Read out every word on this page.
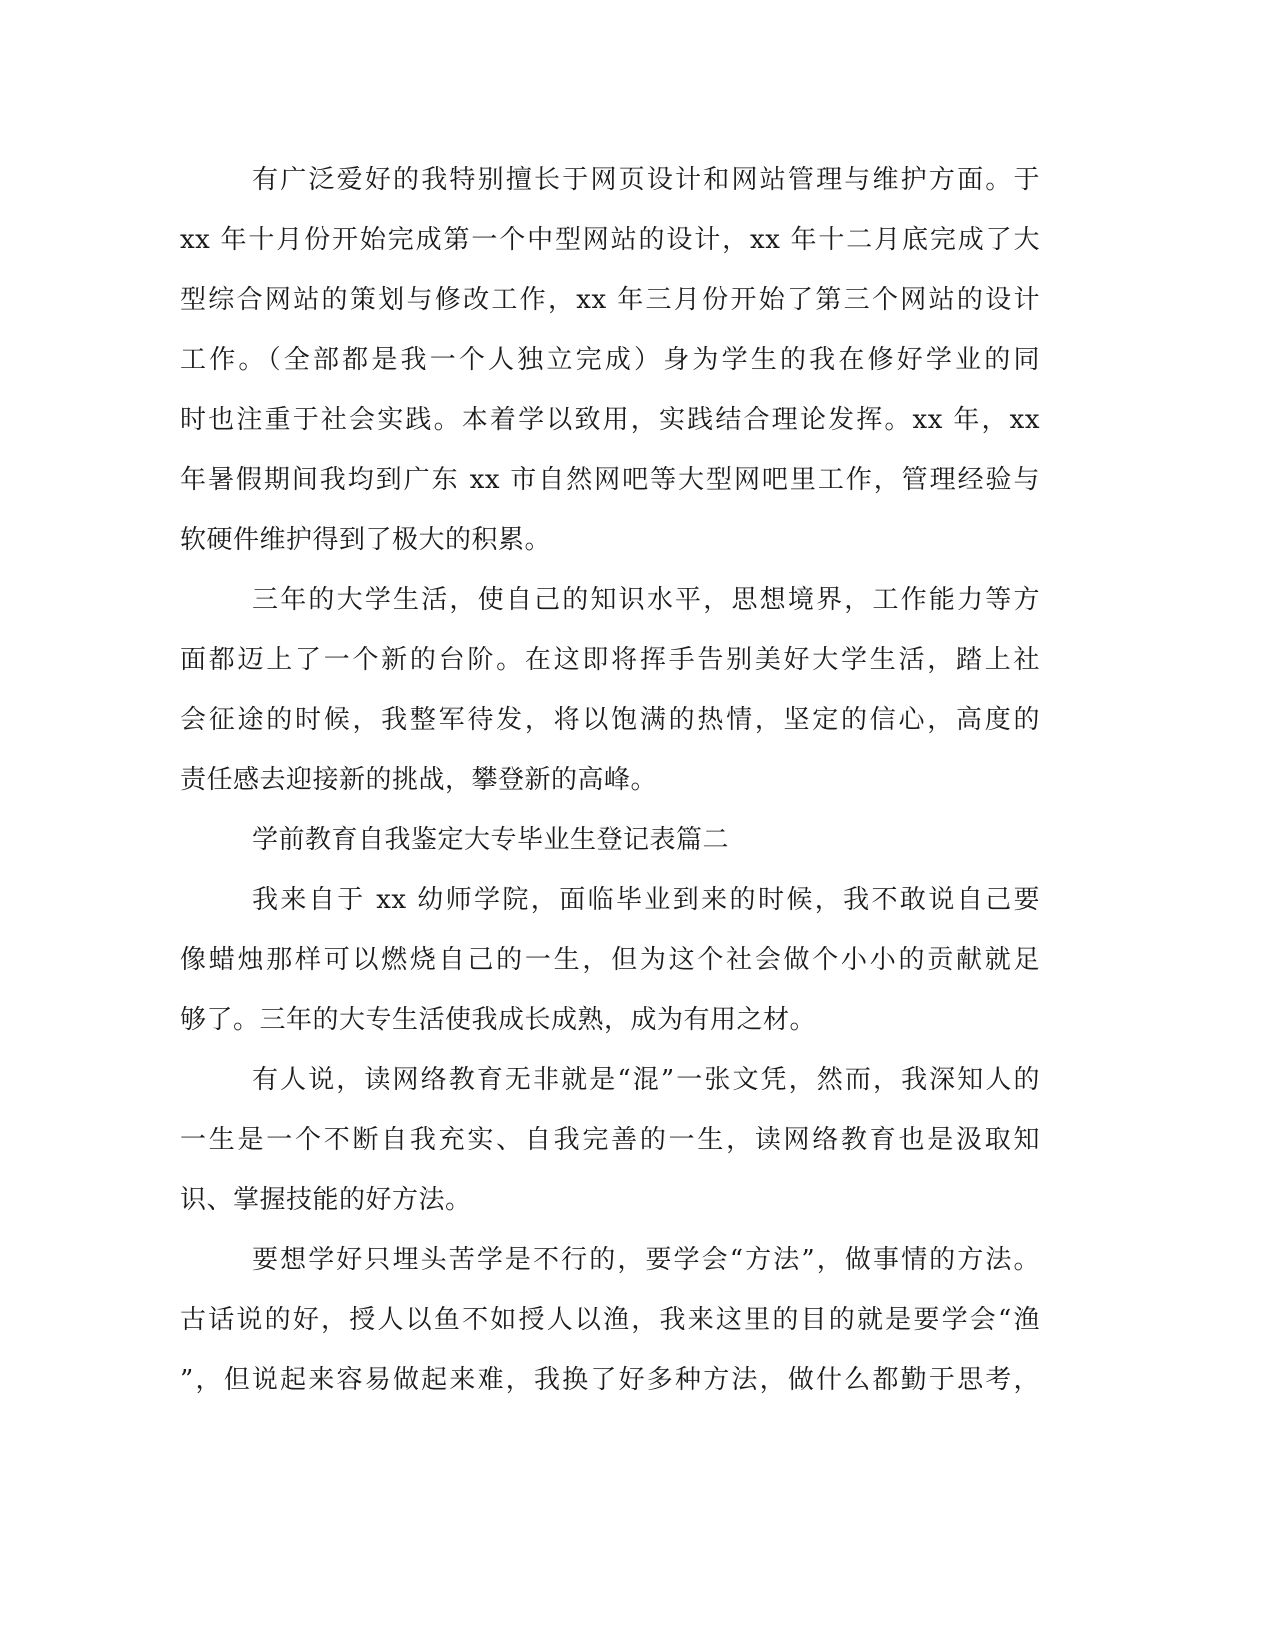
有广泛爱好的我特别擅长于网页设计和网站管理与维护方面。于
xx 年十月份开始完成第一个中型网站的设计，xx 年十二月底完成了大
型综合网站的策划与修改工作，xx 年三月份开始了第三个网站的设计
工作。（全部都是我一个人独立完成）身为学生的我在修好学业的同
时也注重于社会实践。本着学以致用，实践结合理论发挥。xx 年，xx
年暑假期间我均到广东 xx 市自然网吧等大型网吧里工作，管理经验与
软硬件维护得到了极大的积累。
三年的大学生活，使自己的知识水平，思想境界，工作能力等方
面都迈上了一个新的台阶。在这即将挥手告别美好大学生活，踏上社
会征途的时候，我整军待发，将以饱满的热情，坚定的信心，高度的
责任感去迎接新的挑战，攀登新的高峰。
学前教育自我鉴定大专毕业生登记表篇二
我来自于 xx 幼师学院，面临毕业到来的时候，我不敢说自己要
像蜡烛那样可以燃烧自己的一生，但为这个社会做个小小的贡献就足
够了。三年的大专生活使我成长成熟，成为有用之材。
有人说，读网络教育无非就是“混”一张文凭，然而，我深知人的
一生是一个不断自我充实、自我完善的一生，读网络教育也是汲取知
识、掌握技能的好方法。
要想学好只埋头苦学是不行的，要学会“方法”，做事情的方法。
古话说的好，授人以鱼不如授人以渔，我来这里的目的就是要学会“渔
”，但说起来容易做起来难，我换了好多种方法，做什么都勤于思考，
